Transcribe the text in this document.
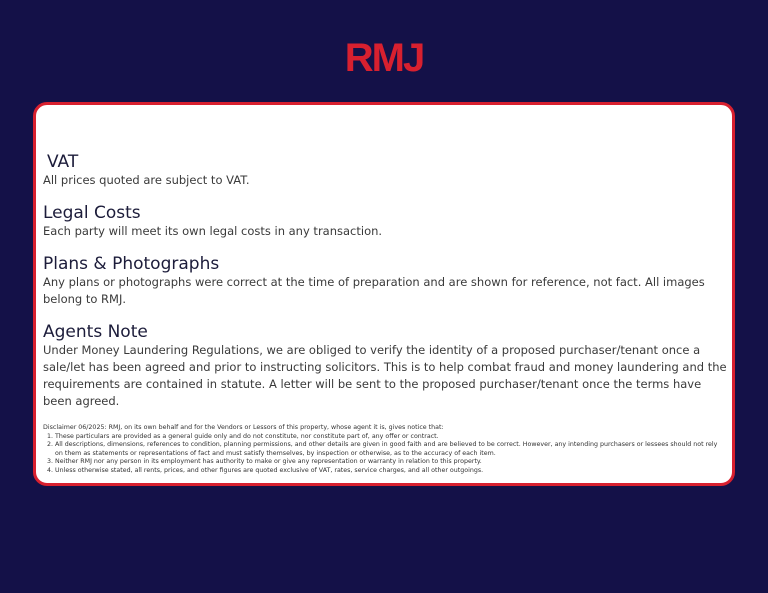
RMJ

VAT

All prices quoted are subject to VAT.

Legal Costs

Each party will meet its own legal costs in any transaction.

Plans & Photographs

Any plans or photographs were correct at the time of preparation and are shown for reference, not fact. All images belong to RMJ.

Agents Note

Under Money Laundering Regulations, we are obliged to verify the identity of a proposed purchaser/tenant once a sale/let has been agreed and prior to instructing solicitors. This is to help combat fraud and money laundering and the requirements are contained in statute. A letter will be sent to the proposed purchaser/tenant once the terms have been agreed.

Disclaimer 06/2025: RMJ, on its own behalf and for the Vendors or Lessors of this property, whose agent it is, gives notice that:
1. These particulars are provided as a general guide only and do not constitute, nor constitute part of, any offer or contract.
2. All descriptions, dimensions, references to condition, planning permissions, and other details are given in good faith and are believed to be correct. However, any intending purchasers or lessees should not rely on them as statements or representations of fact and must satisfy themselves, by inspection or otherwise, as to the accuracy of each item.
3. Neither RMJ nor any person in its employment has authority to make or give any representation or warranty in relation to this property.
4. Unless otherwise stated, all rents, prices, and other figures are quoted exclusive of VAT, rates, service charges, and all other outgoings.
